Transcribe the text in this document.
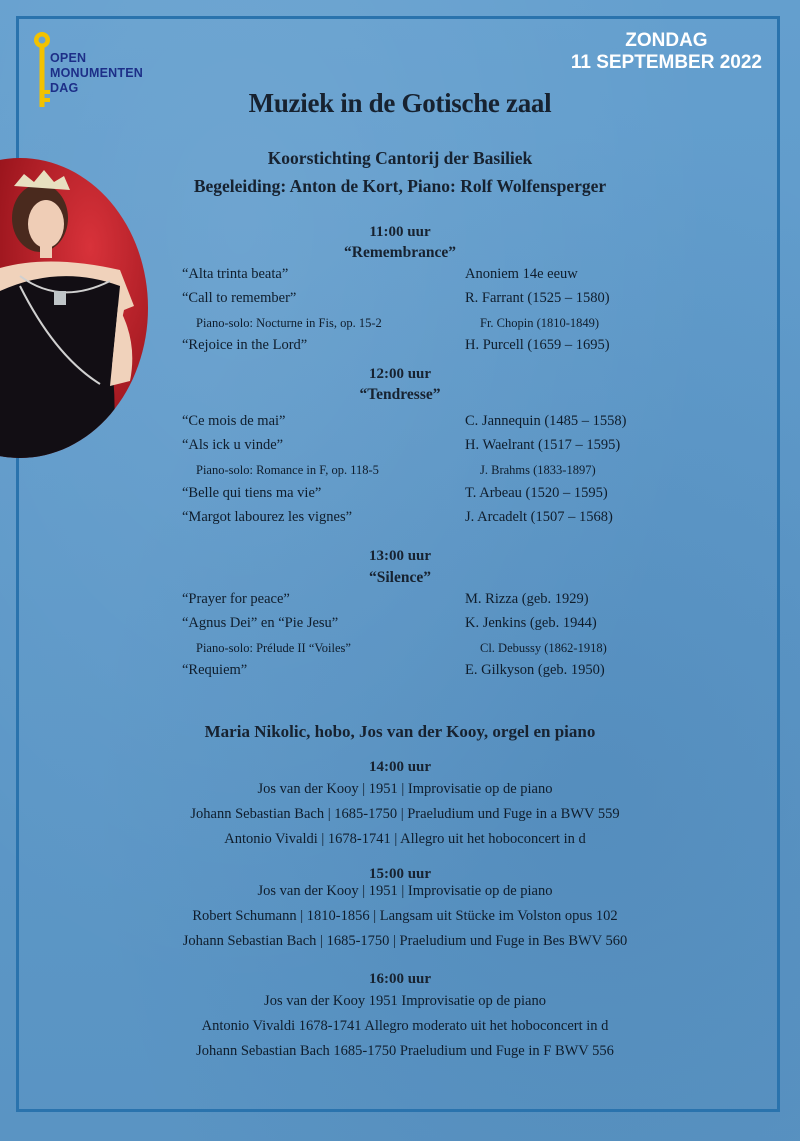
OPEN
MONUMENTEN
DAG
ZONDAG
11 SEPTEMBER 2022
Muziek in de Gotische zaal
Koorstichting Cantorij der Basiliek
Begeleiding: Anton de Kort, Piano: Rolf Wolfensperger
11:00 uur
“Remembrance”
“Alta trinta beata”	Anoniem 14e eeuw
“Call to remember”	R. Farrant (1525 – 1580)
Piano-solo: Nocturne in Fis, op. 15-2	Fr. Chopin (1810-1849)
“Rejoice in the Lord”	H. Purcell (1659 – 1695)
12:00 uur
“Tendresse”
“Ce mois de mai”	C. Jannequin (1485 – 1558)
“Als ick u vinde”	H. Waelrant (1517 – 1595)
Piano-solo: Romance in F, op. 118-5	J. Brahms (1833-1897)
“Belle qui tiens ma vie”	T. Arbeau (1520 – 1595)
“Margot labourez les vignes”	J. Arcadelt (1507 – 1568)
13:00 uur
“Silence”
“Prayer for peace”	M. Rizza (geb. 1929)
“Agnus Dei” en “Pie Jesu”	K. Jenkins (geb. 1944)
Piano-solo: Prélude II “Voiles”	Cl. Debussy (1862-1918)
“Requiem”	E. Gilkyson (geb. 1950)
Maria Nikolic, hobo, Jos van der Kooy, orgel en piano
14:00 uur
Jos van der Kooy | 1951 | Improvisatie op de piano
Johann Sebastian Bach | 1685-1750 | Praeludium und Fuge in a BWV 559
Antonio Vivaldi | 1678-1741 | Allegro uit het hoboconcert in d
15:00 uur
Jos van der Kooy | 1951 | Improvisatie op de piano
Robert Schumann | 1810-1856 | Langsam uit Stücke im Volston opus 102
Johann Sebastian Bach | 1685-1750 | Praeludium und Fuge in Bes BWV 560
16:00 uur
Jos van der Kooy 1951 Improvisatie op de piano
Antonio Vivaldi 1678-1741 Allegro moderato uit het hoboconcert in d
Johann Sebastian Bach 1685-1750 Praeludium und Fuge in F BWV 556
